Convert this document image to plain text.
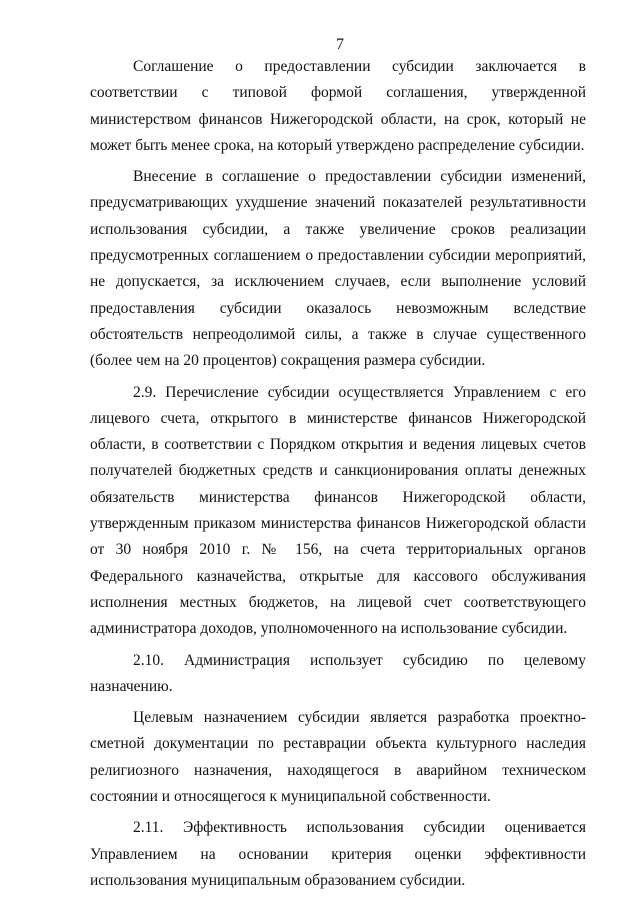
7

Соглашение о предоставлении субсидии заключается в соответствии с типовой формой соглашения, утвержденной министерством финансов Нижегородской области, на срок, который не может быть менее срока, на который утверждено распределение субсидии.

Внесение в соглашение о предоставлении субсидии изменений, предусматривающих ухудшение значений показателей результативности использования субсидии, а также увеличение сроков реализации предусмотренных соглашением о предоставлении субсидии мероприятий, не допускается, за исключением случаев, если выполнение условий предоставления субсидии оказалось невозможным вследствие обстоятельств непреодолимой силы, а также в случае существенного (более чем на 20 процентов) сокращения размера субсидии.

2.9. Перечисление субсидии осуществляется Управлением с его лицевого счета, открытого в министерстве финансов Нижегородской области, в соответствии с Порядком открытия и ведения лицевых счетов получателей бюджетных средств и санкционирования оплаты денежных обязательств министерства финансов Нижегородской области, утвержденным приказом министерства финансов Нижегородской области от 30 ноября 2010 г. № 156, на счета территориальных органов Федерального казначейства, открытые для кассового обслуживания исполнения местных бюджетов, на лицевой счет соответствующего администратора доходов, уполномоченного на использование субсидии.

2.10. Администрация использует субсидию по целевому назначению.

Целевым назначением субсидии является разработка проектно-сметной документации по реставрации объекта культурного наследия религиозного назначения, находящегося в аварийном техническом состоянии и относящегося к муниципальной собственности.

2.11. Эффективность использования субсидии оценивается Управлением на основании критерия оценки эффективности использования муниципальным образованием субсидии.
